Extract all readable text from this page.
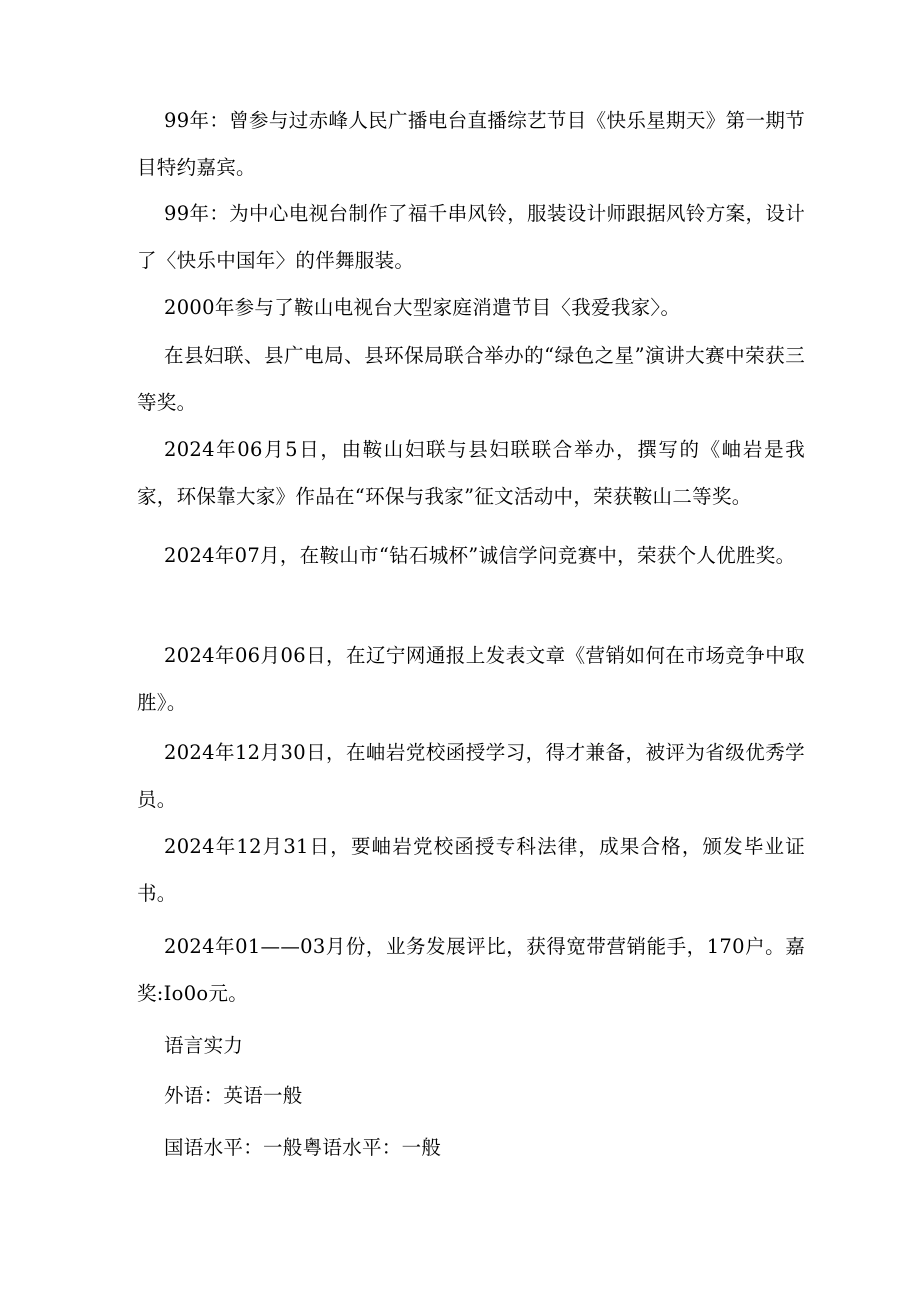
99年：曾参与过赤峰人民广播电台直播综艺节目《快乐星期天》第一期节目特约嘉宾。

99年：为中心电视台制作了福千串风铃，服装设计师跟据风铃方案，设计了〈快乐中国年〉的伴舞服装。

2000年参与了鞍山电视台大型家庭消遣节目〈我爱我家〉。

在县妇联、县广电局、县环保局联合举办的“绿色之星”演讲大赛中荣获三等奖。

2024年06月5日，由鞍山妇联与县妇联联合举办，撰写的《岫岩是我家，环保靠大家》作品在“环保与我家”征文活动中，荣获鞍山二等奖。

2024年07月，在鞍山市“钻石城杯”诚信学问竞赛中，荣获个人优胜奖。

2024年06月06日，在辽宁网通报上发表文章《营销如何在市场竞争中取胜》。

2024年12月30日，在岫岩党校函授学习，得才兼备，被评为省级优秀学员。

2024年12月31日，要岫岩党校函授专科法律，成果合格，颁发毕业证书。

2024年01——03月份，业务发展评比，获得宽带营销能手，170户。嘉奖:Io0o元。

语言实力

外语：英语一般

国语水平：一般粤语水平：一般
